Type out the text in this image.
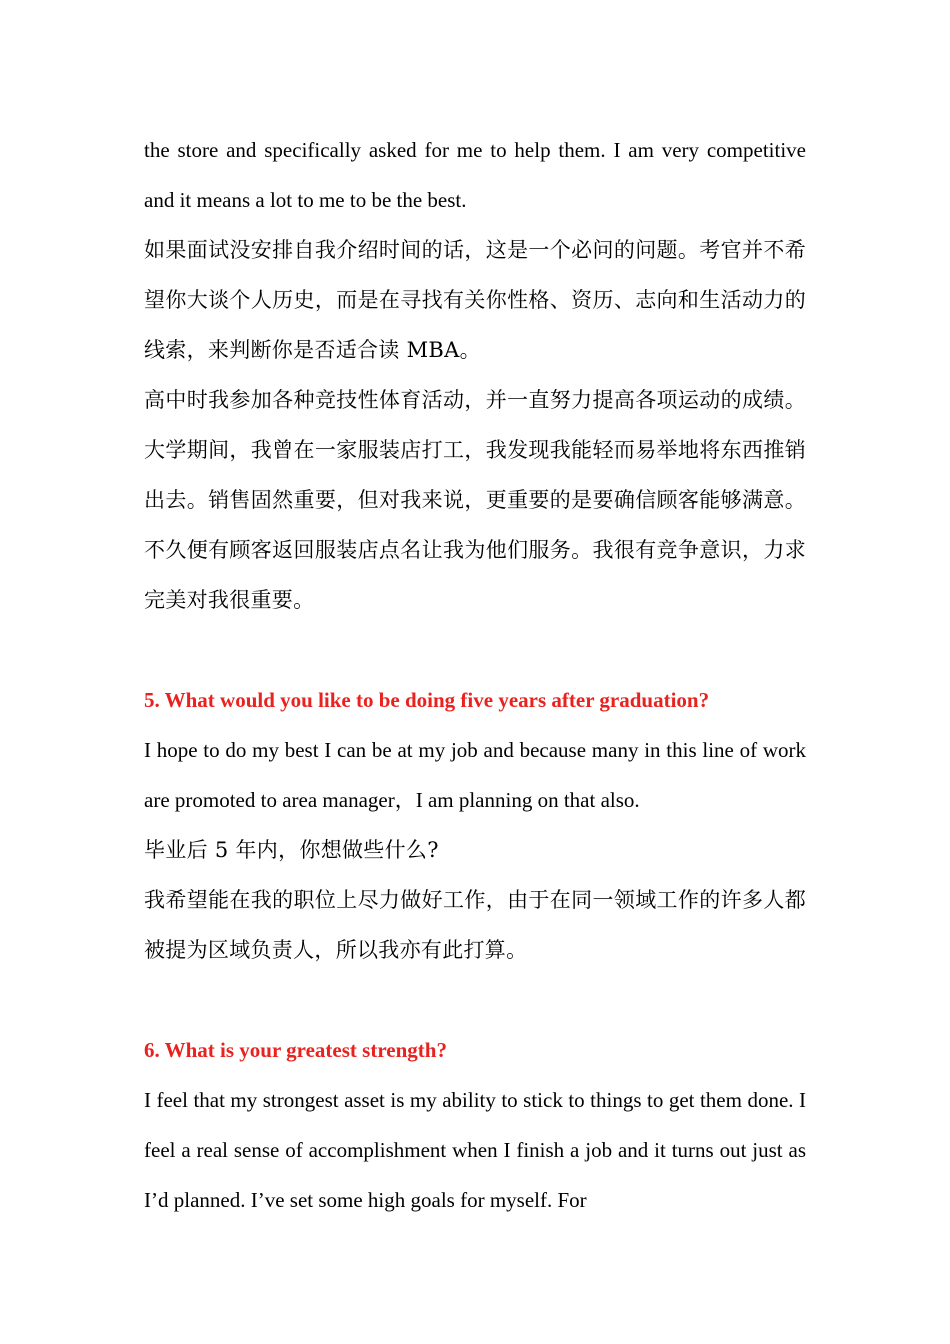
the store and specifically asked for me to help them. I am very competitive and it means a lot to me to be the best.

如果面试没安排自我介绍时间的话，这是一个必问的问题。考官并不希望你大谈个人历史，而是在寻找有关你性格、资历、志向和生活动力的线索，来判断你是否适合读 MBA。

高中时我参加各种竞技性体育活动，并一直努力提高各项运动的成绩。大学期间，我曾在一家服装店打工，我发现我能轻而易举地将东西推销出去。销售固然重要，但对我来说，更重要的是要确信顾客能够满意。不久便有顾客返回服装店点名让我为他们服务。我很有竞争意识，力求完美对我很重要。

5. What would you like to be doing five years after graduation?

I hope to do my best I can be at my job and because many in this line of work are promoted to area manager，I am planning on that also.

毕业后 5 年内，你想做些什么?

我希望能在我的职位上尽力做好工作，由于在同一领域工作的许多人都被提为区域负责人，所以我亦有此打算。

6. What is your greatest strength?

I feel that my strongest asset is my ability to stick to things to get them done. I feel a real sense of accomplishment when I finish a job and it turns out just as I’d planned. I’ve set some high goals for myself. For
